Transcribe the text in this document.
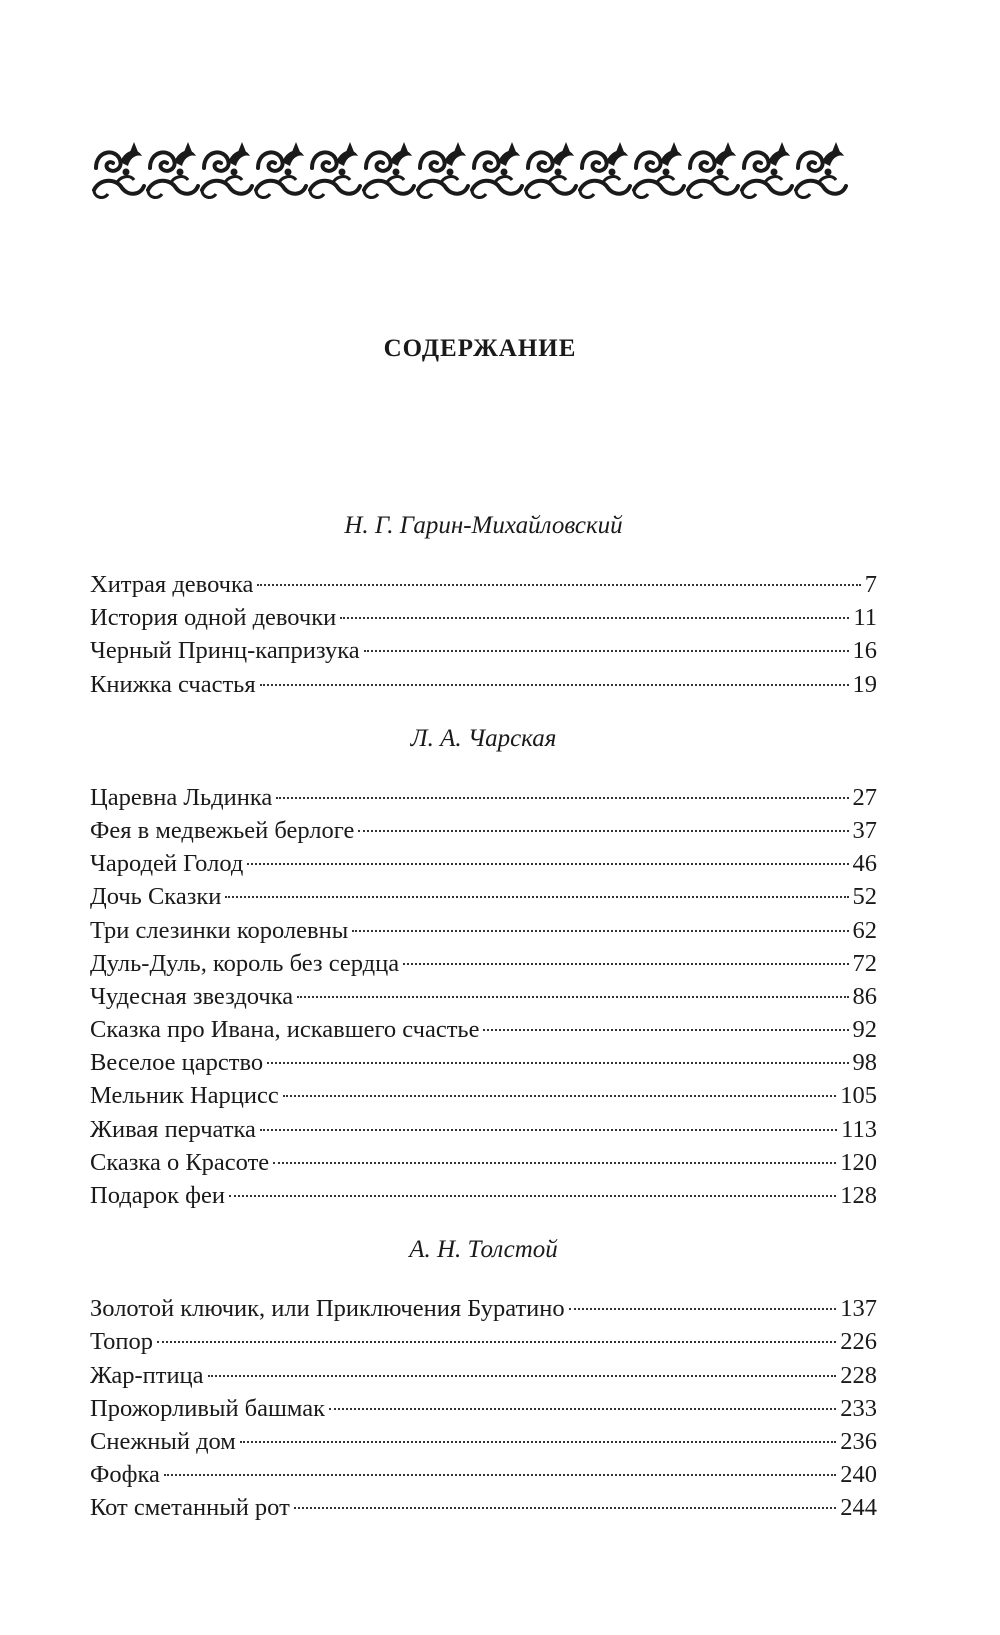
СОДЕРЖАНИЕ
Н. Г. Гарин-Михайловский
Хитрая девочка	7
История одной девочки	11
Черный Принц-капризука	16
Книжка счастья	19
Л. А. Чарская
Царевна Льдинка	27
Фея в медвежьей берлоге	37
Чародей Голод	46
Дочь Сказки	52
Три слезинки королевны	62
Дуль-Дуль, король без сердца	72
Чудесная звездочка	86
Сказка про Ивана, искавшего счастье	92
Веселое царство	98
Мельник Нарцисс	105
Живая перчатка	113
Сказка о Красоте	120
Подарок феи	128
А. Н. Толстой
Золотой ключик, или Приключения Буратино	137
Топор	226
Жар-птица	228
Прожорливый башмак	233
Снежный дом	236
Фофка	240
Кот сметанный рот	244
